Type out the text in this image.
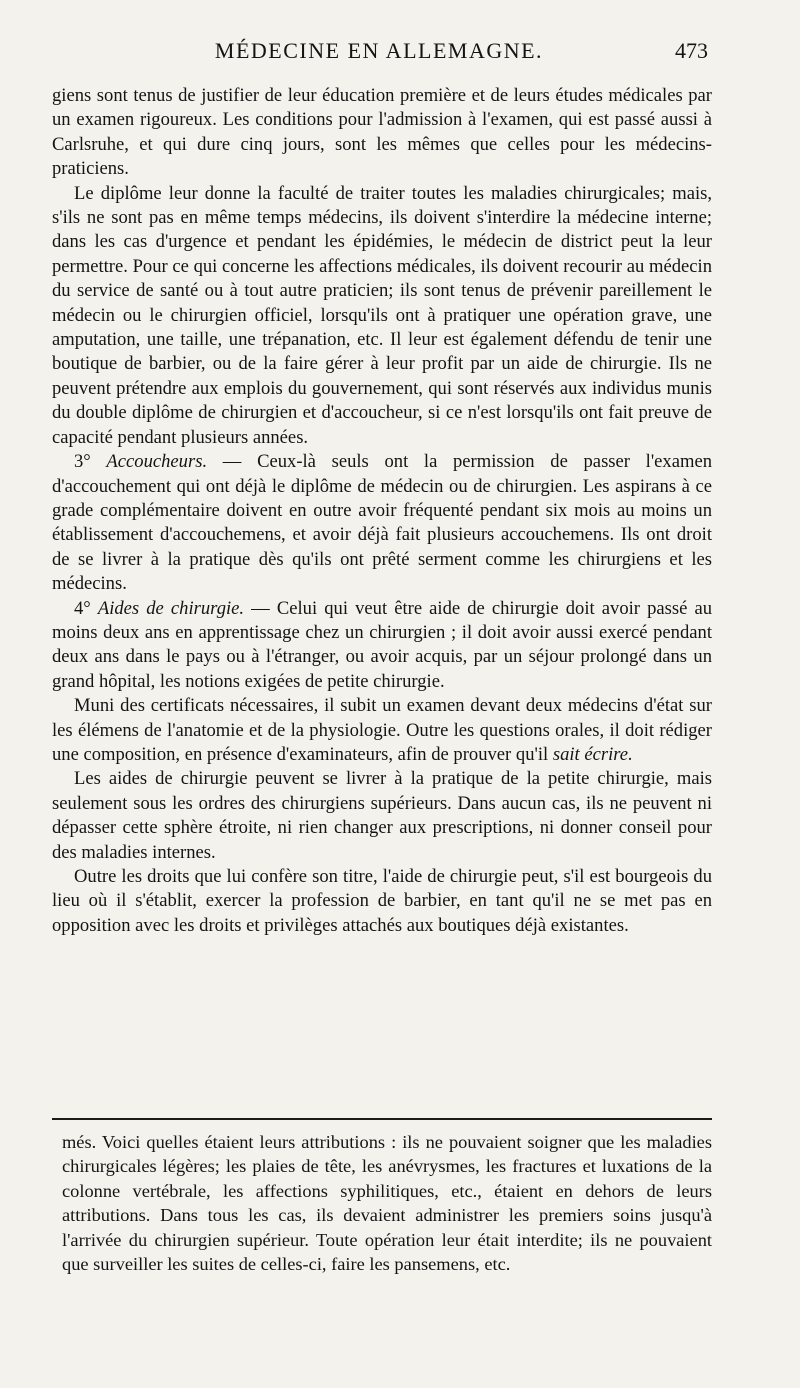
MÉDECINE EN ALLEMAGNE.	473

giens sont tenus de justifier de leur éducation première et de leurs études médicales par un examen rigoureux. Les conditions pour l'admission à l'examen, qui est passé aussi à Carlsruhe, et qui dure cinq jours, sont les mêmes que celles pour les médecins-praticiens.

Le diplôme leur donne la faculté de traiter toutes les maladies chirurgicales; mais, s'ils ne sont pas en même temps médecins, ils doivent s'interdire la médecine interne; dans les cas d'urgence et pendant les épidémies, le médecin de district peut la leur permettre. Pour ce qui concerne les affections médicales, ils doivent recourir au médecin du service de santé ou à tout autre praticien; ils sont tenus de prévenir pareillement le médecin ou le chirurgien officiel, lorsqu'ils ont à pratiquer une opération grave, une amputation, une taille, une trépanation, etc. Il leur est également défendu de tenir une boutique de barbier, ou de la faire gérer à leur profit par un aide de chirurgie. Ils ne peuvent prétendre aux emplois du gouvernement, qui sont réservés aux individus munis du double diplôme de chirurgien et d'accoucheur, si ce n'est lorsqu'ils ont fait preuve de capacité pendant plusieurs années.

3° Accoucheurs. — Ceux-là seuls ont la permission de passer l'examen d'accouchement qui ont déjà le diplôme de médecin ou de chirurgien. Les aspirans à ce grade complémentaire doivent en outre avoir fréquenté pendant six mois au moins un établissement d'accouchemens, et avoir déjà fait plusieurs accouchemens. Ils ont droit de se livrer à la pratique dès qu'ils ont prêté serment comme les chirurgiens et les médecins.

4° Aides de chirurgie. — Celui qui veut être aide de chirurgie doit avoir passé au moins deux ans en apprentissage chez un chirurgien ; il doit avoir aussi exercé pendant deux ans dans le pays ou à l'étranger, ou avoir acquis, par un séjour prolongé dans un grand hôpital, les notions exigées de petite chirurgie.

Muni des certificats nécessaires, il subit un examen devant deux médecins d'état sur les élémens de l'anatomie et de la physiologie. Outre les questions orales, il doit rédiger une composition, en présence d'examinateurs, afin de prouver qu'il sait écrire.

Les aides de chirurgie peuvent se livrer à la pratique de la petite chirurgie, mais seulement sous les ordres des chirurgiens supérieurs. Dans aucun cas, ils ne peuvent ni dépasser cette sphère étroite, ni rien changer aux prescriptions, ni donner conseil pour des maladies internes.

Outre les droits que lui confère son titre, l'aide de chirurgie peut, s'il est bourgeois du lieu où il s'établit, exercer la profession de barbier, en tant qu'il ne se met pas en opposition avec les droits et privilèges attachés aux boutiques déjà existantes.

més. Voici quelles étaient leurs attributions : ils ne pouvaient soigner que les maladies chirurgicales légères; les plaies de tête, les anévrysmes, les fractures et luxations de la colonne vertébrale, les affections syphilitiques, etc., étaient en dehors de leurs attributions. Dans tous les cas, ils devaient administrer les premiers soins jusqu'à l'arrivée du chirurgien supérieur. Toute opération leur était interdite; ils ne pouvaient que surveiller les suites de celles-ci, faire les pansemens, etc.
